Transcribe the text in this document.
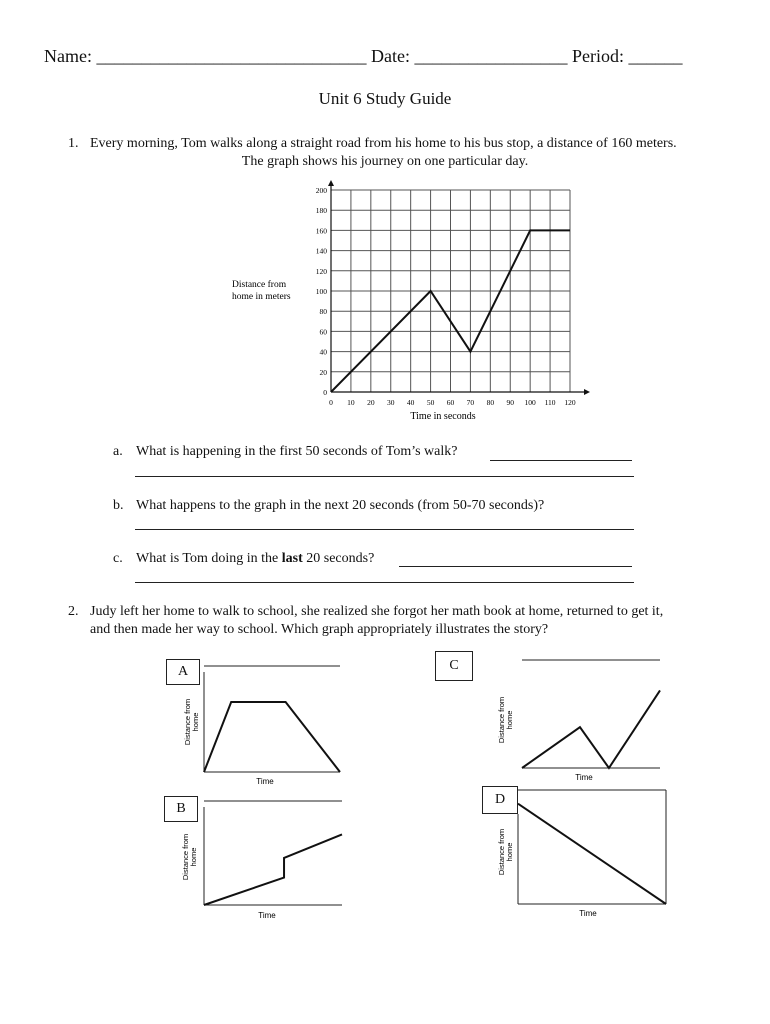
Name: ______________________________ Date: _________________ Period: ______
Unit 6 Study Guide
1. Every morning, Tom walks along a straight road from his home to his bus stop, a distance of 160 meters.
The graph shows his journey on one particular day.
0
20
40
60
80
100
120
140
160
180
200
0 10 20 30 40 50 60 70 80 90 100 110 120
Distance from
home in meters
Time in seconds
a. What is happening in the first 50 seconds of Tom’s walk?
b. What happens to the graph in the next 20 seconds (from 50-70 seconds)?
c. What is Tom doing in the last 20 seconds?
2. Judy left her home to walk to school, she realized she forgot her math book at home, returned to get it,
and then made her way to school. Which graph appropriately illustrates the story?
A
Distance from home
Time
B
Distance from home
Time
C
Distance from home
Time
D
Distance from home
Time
